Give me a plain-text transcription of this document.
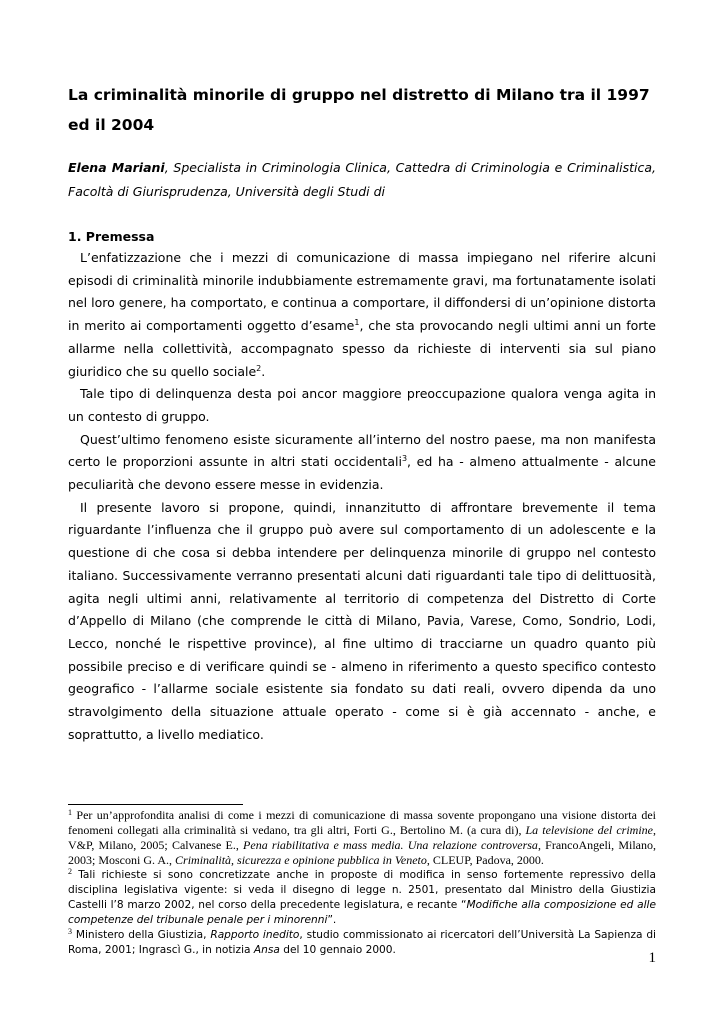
La criminalità minorile di gruppo nel distretto di Milano tra il 1997 ed il 2004

Elena Mariani, Specialista in Criminologia Clinica, Cattedra di Criminologia e Criminalistica, Facoltà di Giurisprudenza, Università degli Studi di

1. Premessa

L’enfatizzazione che i mezzi di comunicazione di massa impiegano nel riferire alcuni episodi di criminalità minorile indubbiamente estremamente gravi, ma fortunatamente isolati nel loro genere, ha comportato, e continua a comportare, il diffondersi di un’opinione distorta in merito ai comportamenti oggetto d’esame$^1$, che sta provocando negli ultimi anni un forte allarme nella collettività, accompagnato spesso da richieste di interventi sia sul piano giuridico che su quello sociale$^2$.

Tale tipo di delinquenza desta poi ancor maggiore preoccupazione qualora venga agita in un contesto di gruppo.

Quest’ultimo fenomeno esiste sicuramente all’interno del nostro paese, ma non manifesta certo le proporzioni assunte in altri stati occidentali$^3$, ed ha - almeno attualmente - alcune peculiarità che devono essere messe in evidenzia.

Il presente lavoro si propone, quindi, innanzitutto di affrontare brevemente il tema riguardante l’influenza che il gruppo può avere sul comportamento di un adolescente e la questione di che cosa si debba intendere per delinquenza minorile di gruppo nel contesto italiano. Successivamente verranno presentati alcuni dati riguardanti tale tipo di delittuosità, agita negli ultimi anni, relativamente al territorio di competenza del Distretto di Corte d’Appello di Milano (che comprende le città di Milano, Pavia, Varese, Como, Sondrio, Lodi, Lecco, nonché le rispettive province), al fine ultimo di tracciarne un quadro quanto più possibile preciso e di verificare quindi se - almeno in riferimento a questo specifico contesto geografico - l’allarme sociale esistente sia fondato su dati reali, ovvero dipenda da uno stravolgimento della situazione attuale operato - come si è già accennato - anche, e soprattutto, a livello mediatico.

$^1$ Per un’approfondita analisi di come i mezzi di comunicazione di massa sovente propongano una visione distorta dei fenomeni collegati alla criminalità si vedano, tra gli altri, Forti G., Bertolino M. (a cura di), La televisione del crimine, V&P, Milano, 2005; Calvanese E., Pena riabilitativa e mass media. Una relazione controversa, FrancoAngeli, Milano, 2003; Mosconi G. A., Criminalità, sicurezza e opinione pubblica in Veneto, CLEUP, Padova, 2000.

$^2$ Tali richieste si sono concretizzate anche in proposte di modifica in senso fortemente repressivo della disciplina legislativa vigente: si veda il disegno di legge n. 2501, presentato dal Ministro della Giustizia Castelli l’8 marzo 2002, nel corso della precedente legislatura, e recante “Modifiche alla composizione ed alle competenze del tribunale penale per i minorenni”.

$^3$ Ministero della Giustizia, Rapporto inedito, studio commissionato ai ricercatori dell’Università La Sapienza di Roma, 2001; Ingrascì G., in notizia Ansa del 10 gennaio 2000.	1
